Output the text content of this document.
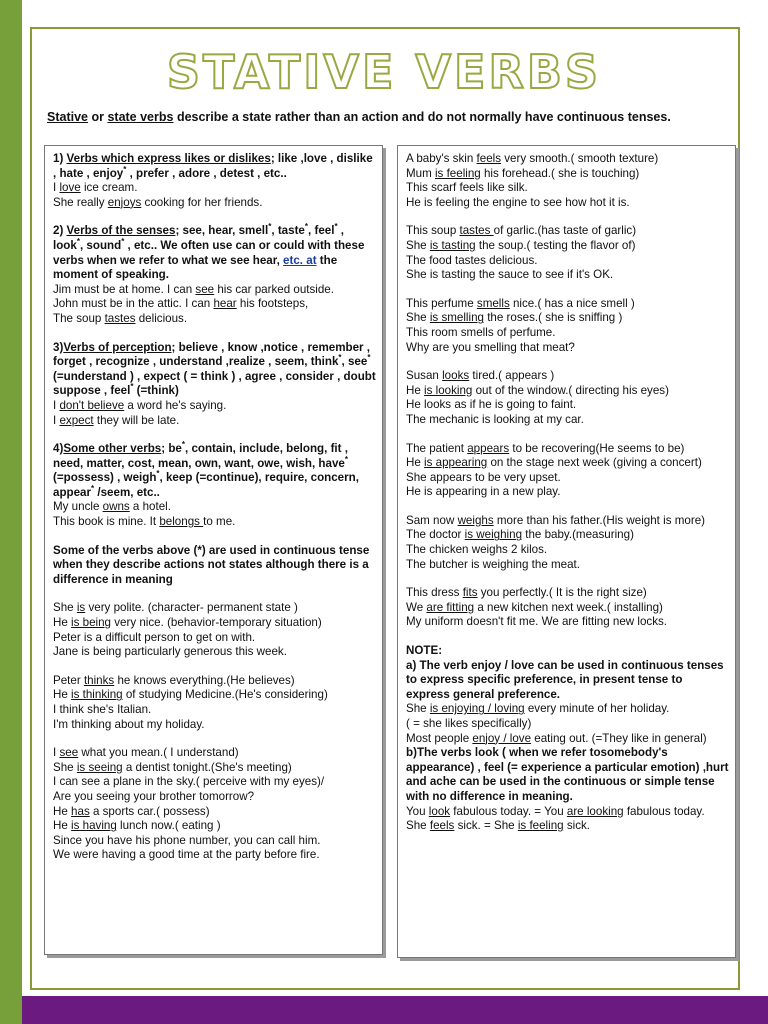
STATIVE VERBS
Stative or state verbs describe a state rather than an action and do not normally have continuous tenses.

1) Verbs which express likes or dislikes; like ,love , dislike , hate , enjoy* , prefer , adore , detest , etc..

I love ice cream.

She really enjoys cooking for her friends.

2) Verbs of the senses; see, hear, smell*, taste*, feel* , look*, sound* , etc.. We often use can or could with these verbs when we refer to what we see hear, etc. at the moment of speaking.

Jim must be at home. I can see his car parked outside.

John must be in the attic. I can hear his footsteps,

The soup tastes delicious.

3)Verbs of perception; believe , know ,notice , remember , forget , recognize , understand ,realize , seem, think*, see* (=understand ) , expect ( = think ) , agree , consider , doubt suppose , feel* (=think)

I don't believe a word he's saying.

I expect they will be late.

4)Some other verbs; be*, contain, include, belong, fit , need, matter, cost, mean, own, want, owe, wish, have* (=possess) , weigh*, keep (=continue), require, concern, appear* /seem, etc..

My uncle owns a hotel.

This book is mine. It belongs to me.

Some of the verbs above (*) are used in continuous tense when they describe actions not states although there is a difference in meaning

She is very polite. (character- permanent state )

He is being very nice. (behavior-temporary situation)

Peter is a difficult person to get on with.

Jane is being particularly generous this week.

Peter thinks he knows everything.(He believes)

He is thinking of studying Medicine.(He's considering)

I think she's Italian.

I'm thinking about my holiday.

I see what you mean.( I understand)

She is seeing a dentist tonight.(She's meeting)

I can see a plane in the sky.( perceive with my eyes)/

Are you seeing your brother tomorrow?

He has a sports car.( possess)

He is having lunch now.( eating )

Since you have his phone number, you can call him.

We were having a good time at the party before fire.

A baby's skin feels very smooth.( smooth texture)

Mum is feeling his forehead.( she is touching)

This scarf feels like silk.

He is feeling the engine to see how hot it is.

This soup tastes of garlic.(has taste of garlic)

She is tasting the soup.( testing the flavor of)

The food tastes delicious.

She is tasting the sauce to see if it's OK.

This perfume smells nice.( has a nice smell )

She is smelling the roses.( she is sniffing )

This room smells of perfume.

Why are you smelling that meat?

Susan looks tired.( appears )

He is looking out of the window.( directing his eyes)

He looks as if he is going to faint.

The mechanic is looking at my car.

The patient appears to be recovering(He seems to be)

He is appearing on the stage next week (giving a concert)

She appears to be very upset.

He is appearing in a new play.

Sam now weighs more than his father.(His weight is more)

The doctor is weighing the baby.(measuring)

The chicken weighs 2 kilos.

The butcher is weighing the meat.

This dress fits you perfectly.( It is the right size)

We are fitting a new kitchen next week.( installing)

My uniform doesn't fit me. We are fitting new locks.

NOTE:

a) The verb enjoy / love can be used in continuous tenses to express specific preference, in present tense to express general preference.

She is enjoying / loving every minute of her holiday.

( = she likes specifically)

Most people enjoy / love eating out. (=They like in general)

b)The verbs look ( when we refer tosomebody's appearance) , feel (= experience a particular emotion) ,hurt and ache can be used in the continuous or simple tense with no difference in meaning.

You look fabulous today. = You are looking fabulous today.

She feels sick. = She is feeling sick.
